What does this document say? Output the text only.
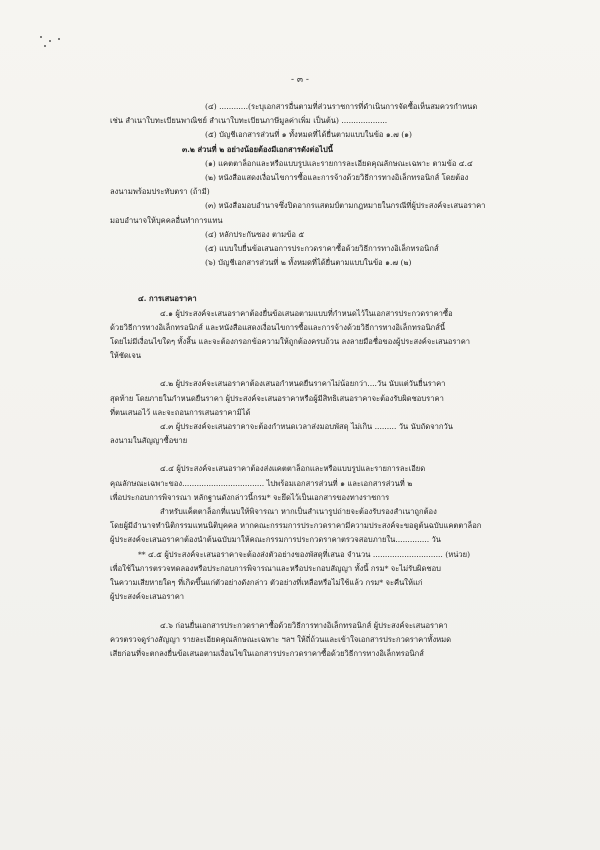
- ๓ -
(๔) ............(ระบุเอกสารอื่นตามที่ส่วนราชการที่ดำเนินการจัดซื้อเห็นสมควรกำหนด
เช่น สำเนาใบทะเบียนพาณิชย์ สำเนาใบทะเบียนภาษีมูลค่าเพิ่ม เป็นต้น) ...................
(๕) บัญชีเอกสารส่วนที่ ๑ ทั้งหมดที่ได้ยื่นตามแบบในข้อ ๑.๗ (๑)
๓.๒ ส่วนที่ ๒ อย่างน้อยต้องมีเอกสารดังต่อไปนี้
(๑) แคตตาล็อกและหรือแบบรูปและรายการละเอียดคุณลักษณะเฉพาะ ตามข้อ ๔.๔
(๒) หนังสือแสดงเงื่อนไขการซื้อและการจ้างด้วยวิธีการทางอิเล็กทรอนิกส์ โดยต้อง
ลงนามพร้อมประทับตรา (ถ้ามี)
(๓) หนังสือมอบอำนาจซึ่งปิดอากรแสตมป์ตามกฎหมายในกรณีที่ผู้ประสงค์จะเสนอราคา
มอบอำนาจให้บุคคลอื่นทำการแทน
(๔) หลักประกันซอง ตามข้อ ๕
(๕) แบบใบยื่นข้อเสนอการประกวดราคาซื้อด้วยวิธีการทางอิเล็กทรอนิกส์
(๖) บัญชีเอกสารส่วนที่ ๒ ทั้งหมดที่ได้ยื่นตามแบบในข้อ ๑.๗ (๒)
๔. การเสนอราคา
๔.๑ ผู้ประสงค์จะเสนอราคาต้องยื่นข้อเสนอตามแบบที่กำหนดไว้ในเอกสารประกวดราคาซื้อ
ด้วยวิธีการทางอิเล็กทรอนิกส์ และหนังสือแสดงเงื่อนไขการซื้อและการจ้างด้วยวิธีการทางอิเล็กทรอนิกส์นี้
โดยไม่มีเงื่อนไขใดๆ ทั้งสิ้น และจะต้องกรอกข้อความให้ถูกต้องครบถ้วน ลงลายมือชื่อของผู้ประสงค์จะเสนอราคา
ให้ชัดเจน
๔.๒ ผู้ประสงค์จะเสนอราคาต้องเสนอกำหนดยืนราคาไม่น้อยกว่า....วัน นับแต่วันยื่นราคา
สุดท้าย โดยภายในกำหนดยืนราคา ผู้ประสงค์จะเสนอราคาหรือผู้มีสิทธิเสนอราคาจะต้องรับผิดชอบราคา
ที่ตนเสนอไว้ และจะถอนการเสนอราคามิได้
๔.๓ ผู้ประสงค์จะเสนอราคาจะต้องกำหนดเวลาส่งมอบพัสดุ ไม่เกิน ......... วัน นับถัดจากวัน
ลงนามในสัญญาซื้อขาย
๔.๔ ผู้ประสงค์จะเสนอราคาต้องส่งแคตตาล็อกและหรือแบบรูปและรายการละเอียด
คุณลักษณะเฉพาะของ.................................. ไปพร้อมเอกสารส่วนที่ ๑ และเอกสารส่วนที่ ๒
เพื่อประกอบการพิจารณา หลักฐานดังกล่าวนี้กรม* จะยึดไว้เป็นเอกสารของทางราชการ
สำหรับแค็ตตาล็อกที่แนบให้พิจารณา หากเป็นสำเนารูปถ่ายจะต้องรับรองสำเนาถูกต้อง
โดยผู้มีอำนาจทำนิติกรรมแทนนิติบุคคล หากคณะกรรมการประกวดราคามีความประสงค์จะขอดูต้นฉบับแคตตาล็อก
ผู้ประสงค์จะเสนอราคาต้องนำต้นฉบับมาให้คณะกรรมการประกวดราคาตรวจสอบภายใน.............. วัน
** ๔.๕ ผู้ประสงค์จะเสนอราคาจะต้องส่งตัวอย่างของพัสดุที่เสนอ จำนวน ............................. (หน่วย)
เพื่อใช้ในการตรวจทดลองหรือประกอบการพิจารณาและหรือประกอบสัญญา ทั้งนี้ กรม* จะไม่รับผิดชอบ
ในความเสียหายใดๆ ที่เกิดขึ้นแก่ตัวอย่างดังกล่าว ตัวอย่างที่เหลือหรือไม่ใช้แล้ว กรม* จะคืนให้แก่
ผู้ประสงค์จะเสนอราคา
๔.๖ ก่อนยื่นเอกสารประกวดราคาซื้อด้วยวิธีการทางอิเล็กทรอนิกส์ ผู้ประสงค์จะเสนอราคา
ควรตรวจดูร่างสัญญา รายละเอียดคุณลักษณะเฉพาะ ฯลฯ ให้ถี่ถ้วนและเข้าใจเอกสารประกวดราคาทั้งหมด
เสียก่อนที่จะตกลงยื่นข้อเสนอตามเงื่อนไขในเอกสารประกวดราคาซื้อด้วยวิธีการทางอิเล็กทรอนิกส์
